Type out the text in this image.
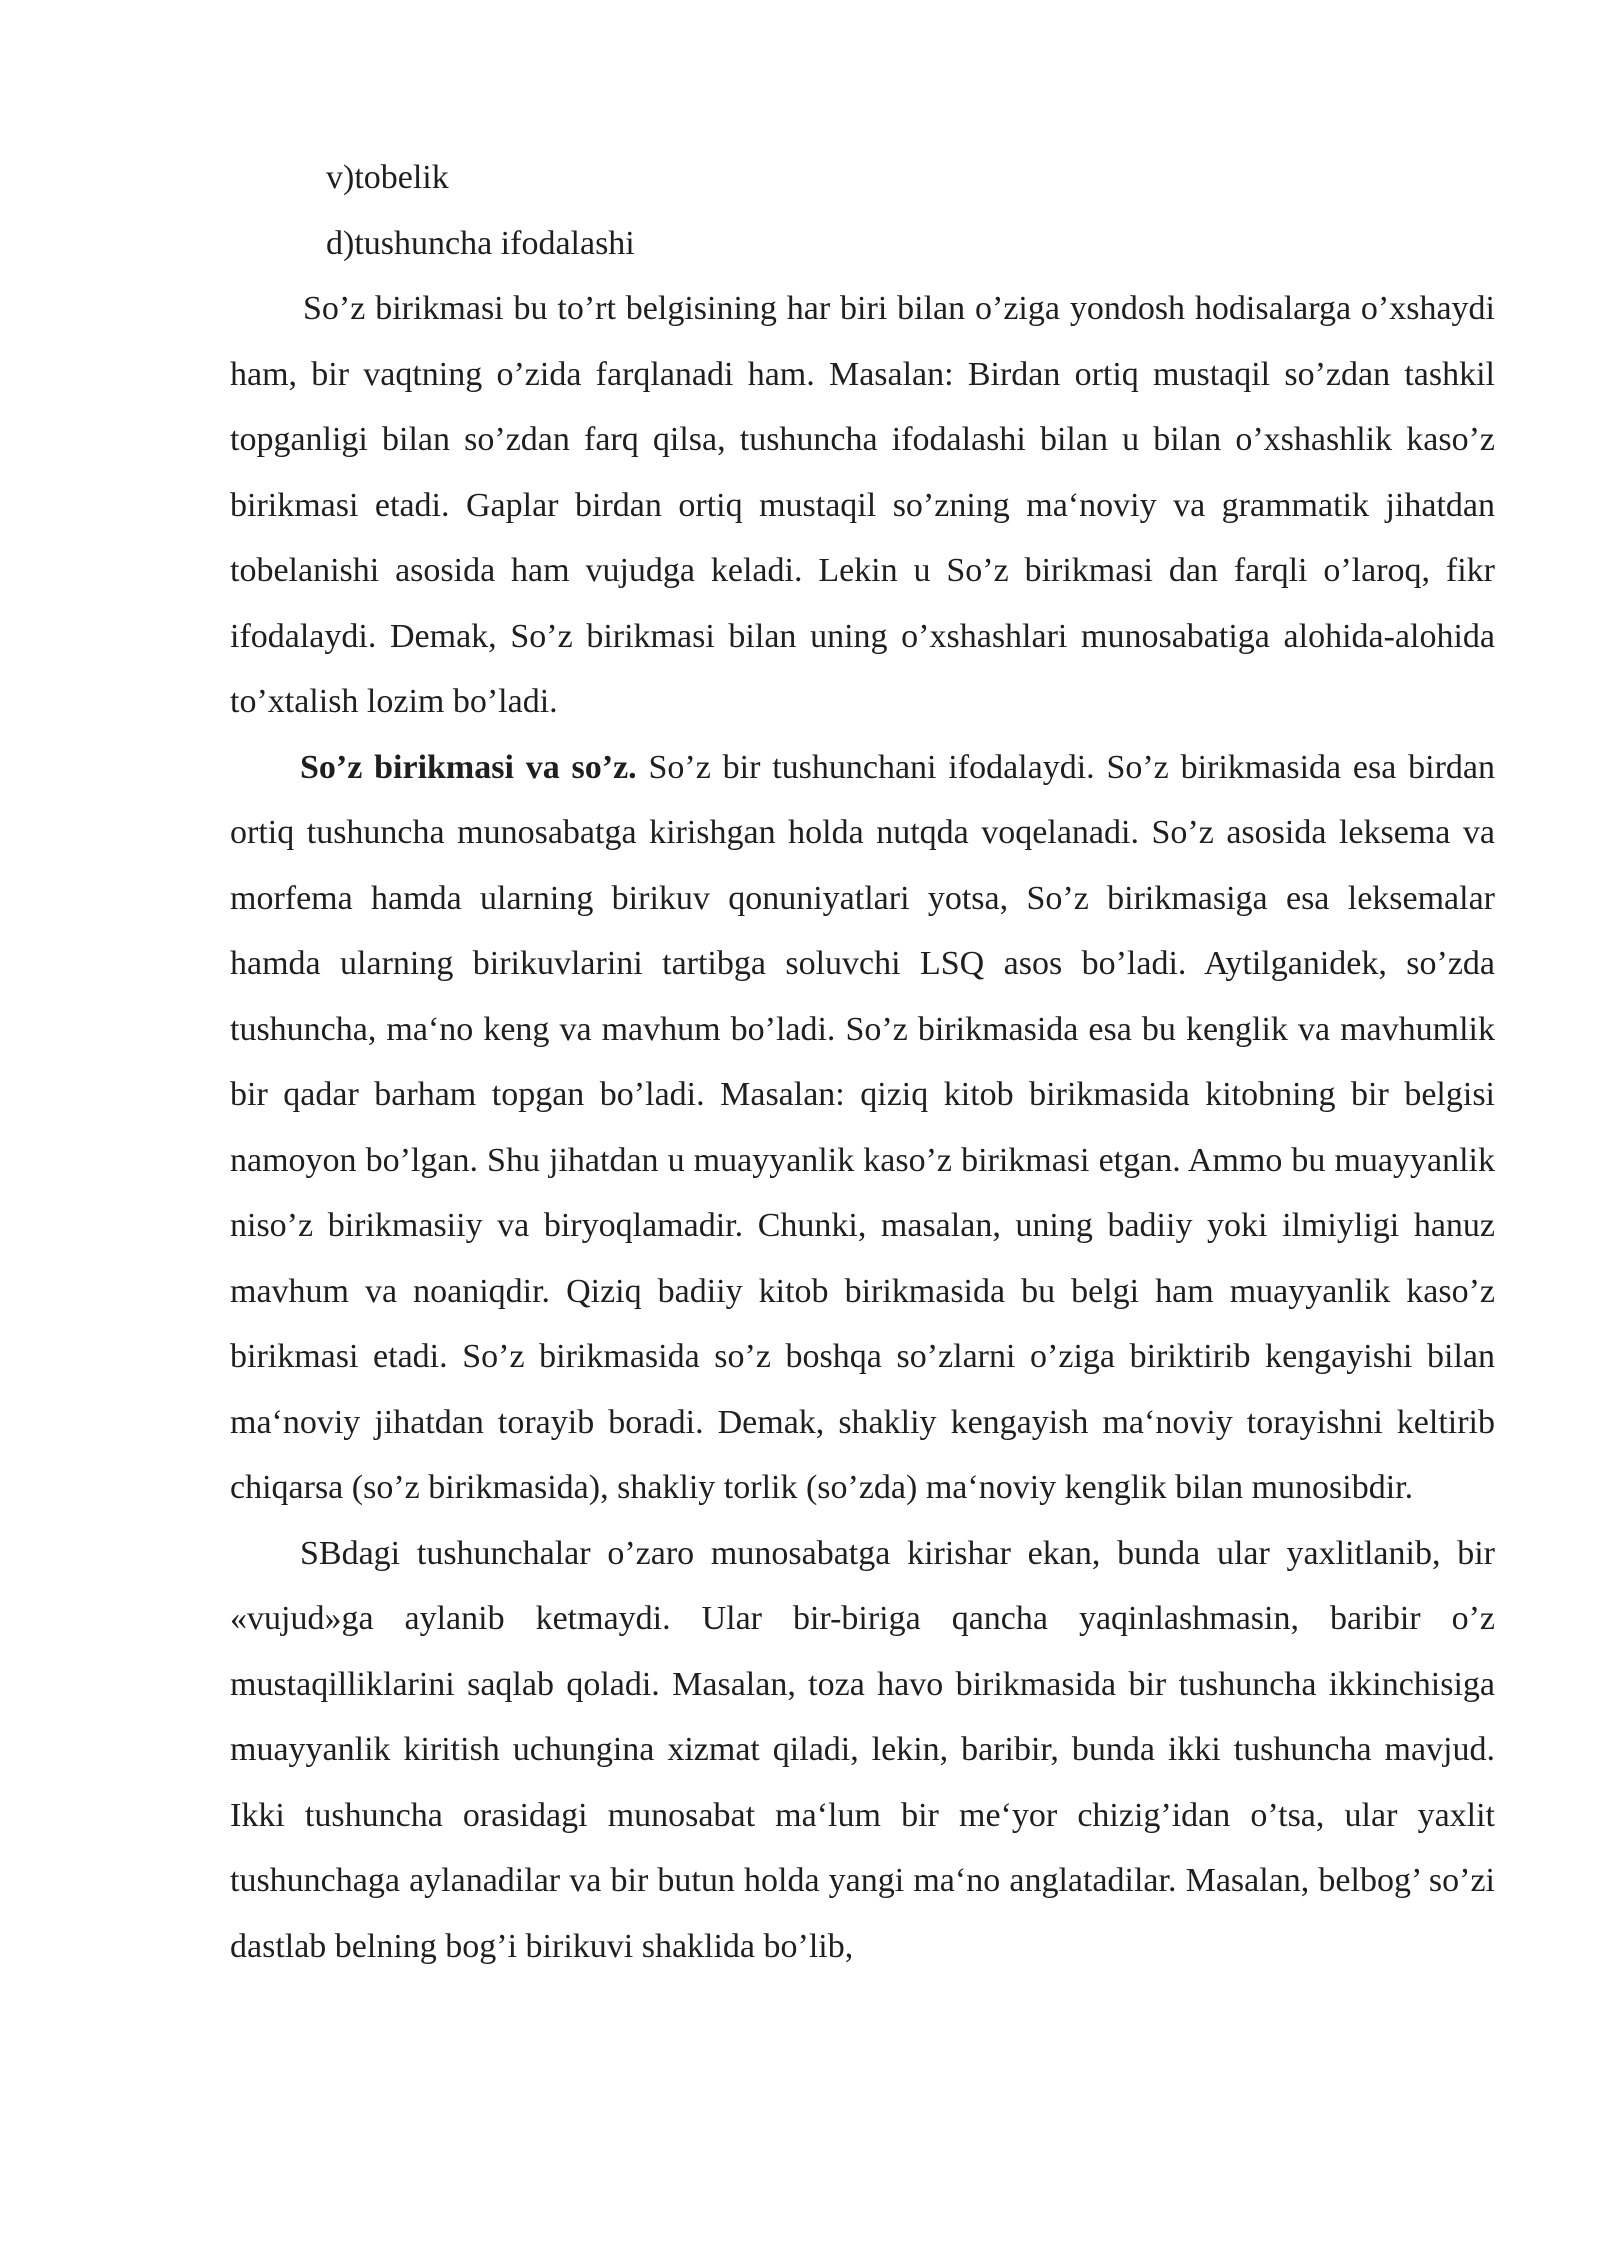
v)tobelik

d)tushuncha ifodalashi

So’z birikmasi bu to’rt belgisining har biri bilan o’ziga yondosh hodisalarga o’xshaydi ham, bir vaqtning o’zida farqlanadi ham. Masalan: Birdan ortiq mustaqil so’zdan tashkil topganligi bilan so’zdan farq qilsa, tushuncha ifodalashi bilan u bilan o’xshashlik kaso’z birikmasi etadi. Gaplar birdan ortiq mustaqil so’zning ma‘noviy va grammatik jihatdan tobelanishi asosida ham vujudga keladi. Lekin u So’z birikmasi dan farqli o’laroq, fikr ifodalaydi. Demak, So’z birikmasi bilan uning o’xshashlari munosabatiga alohida-alohida to’xtalish lozim bo’ladi.

So’z birikmasi va so’z. So’z bir tushunchani ifodalaydi. So’z birikmasida esa birdan ortiq tushuncha munosabatga kirishgan holda nutqda voqelanadi. So’z asosida leksema va morfema hamda ularning birikuv qonuniyatlari yotsa, So’z birikmasiga esa leksemalar hamda ularning birikuvlarini tartibga soluvchi LSQ asos bo’ladi. Aytilganidek, so’zda tushuncha, ma‘no keng va mavhum bo’ladi. So’z birikmasida esa bu kenglik va mavhumlik bir qadar barham topgan bo’ladi. Masalan: qiziq kitob birikmasida kitobning bir belgisi namoyon bo’lgan. Shu jihatdan u muayyanlik kaso’z birikmasi etgan. Ammo bu muayyanlik niso’z birikmasiiy va biryoqlamadir. Chunki, masalan, uning badiiy yoki ilmiyligi hanuz mavhum va noaniqdir. Qiziq badiiy kitob birikmasida bu belgi ham muayyanlik kaso’z birikmasi etadi. So’z birikmasida so’z boshqa so’zlarni o’ziga biriktirib kengayishi bilan ma‘noviy jihatdan torayib boradi. Demak, shakliy kengayish ma‘noviy torayishni keltirib chiqarsa (so’z birikmasida), shakliy torlik (so’zda) ma‘noviy kenglik bilan munosibdir.

SBdagi tushunchalar o’zaro munosabatga kirishar ekan, bunda ular yaxlitlanib, bir «vujud»ga aylanib ketmaydi. Ular bir-biriga qancha yaqinlashmasin, baribir o’z mustaqilliklarini saqlab qoladi. Masalan, toza havo birikmasida bir tushuncha ikkinchisiga muayyanlik kiritish uchungina xizmat qiladi, lekin, baribir, bunda ikki tushuncha mavjud. Ikki tushuncha orasidagi munosabat ma‘lum bir me‘yor chizig’idan o’tsa, ular yaxlit tushunchaga aylanadilar va bir butun holda yangi ma‘no anglatadilar. Masalan, belbog’ so’zi dastlab belning bog’i birikuvi shaklida bo’lib,
